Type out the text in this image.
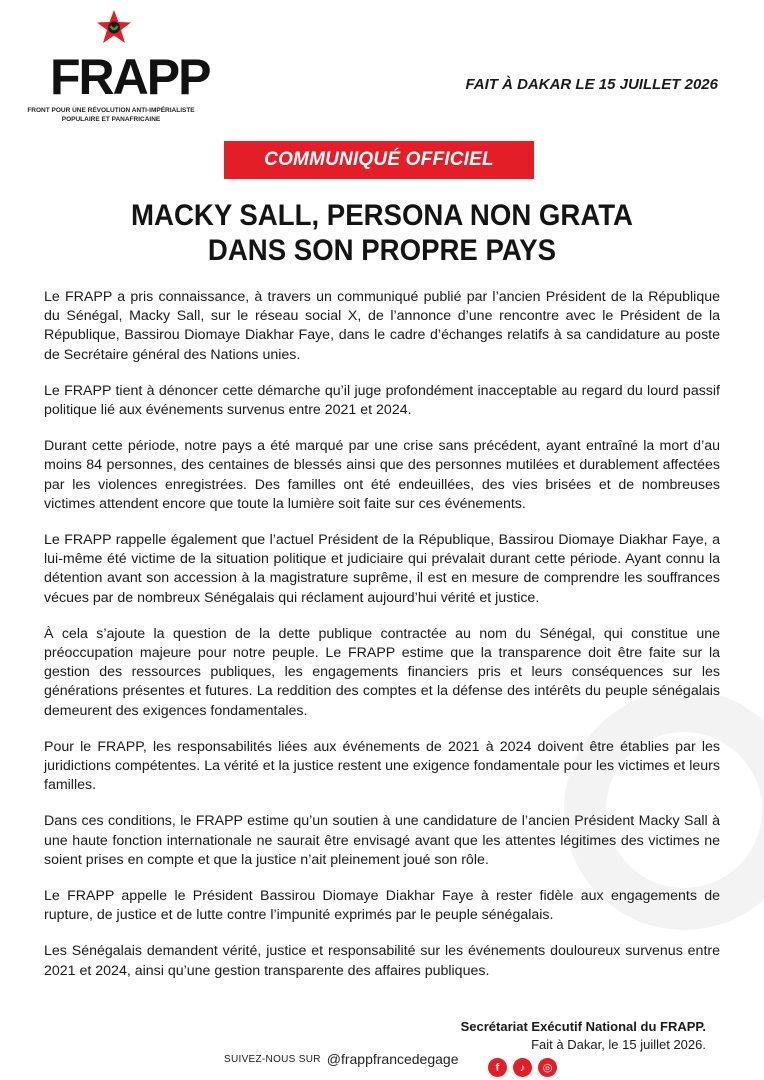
FRAPP
FRONT POUR UNE RÉVOLUTION ANTI-IMPÉRIALISTE POPULAIRE ET PANAFRICAINE
FAIT À DAKAR LE 15 JUILLET 2026
COMMUNIQUÉ OFFICIEL
MACKY SALL, PERSONA NON GRATA
DANS SON PROPRE PAYS

Le FRAPP a pris connaissance, à travers un communiqué publié par l’ancien Président de la République du Sénégal, Macky Sall, sur le réseau social X, de l’annonce d’une rencontre avec le Président de la République, Bassirou Diomaye Diakhar Faye, dans le cadre d’échanges relatifs à sa candidature au poste de Secrétaire général des Nations unies.

Le FRAPP tient à dénoncer cette démarche qu’il juge profondément inacceptable au regard du lourd passif politique lié aux événements survenus entre 2021 et 2024.

Durant cette période, notre pays a été marqué par une crise sans précédent, ayant entraîné la mort d’au moins 84 personnes, des centaines de blessés ainsi que des personnes mutilées et durablement affectées par les violences enregistrées. Des familles ont été endeuillées, des vies brisées et de nombreuses victimes attendent encore que toute la lumière soit faite sur ces événements.

Le FRAPP rappelle également que l’actuel Président de la République, Bassirou Diomaye Diakhar Faye, a lui-même été victime de la situation politique et judiciaire qui prévalait durant cette période. Ayant connu la détention avant son accession à la magistrature suprême, il est en mesure de comprendre les souffrances vécues par de nombreux Sénégalais qui réclament aujourd’hui vérité et justice.

À cela s’ajoute la question de la dette publique contractée au nom du Sénégal, qui constitue une préoccupation majeure pour notre peuple. Le FRAPP estime que la transparence doit être faite sur la gestion des ressources publiques, les engagements financiers pris et leurs conséquences sur les générations présentes et futures. La reddition des comptes et la défense des intérêts du peuple sénégalais demeurent des exigences fondamentales.

Pour le FRAPP, les responsabilités liées aux événements de 2021 à 2024 doivent être établies par les juridictions compétentes. La vérité et la justice restent une exigence fondamentale pour les victimes et leurs familles.

Dans ces conditions, le FRAPP estime qu’un soutien à une candidature de l’ancien Président Macky Sall à une haute fonction internationale ne saurait être envisagé avant que les attentes légitimes des victimes ne soient prises en compte et que la justice n’ait pleinement joué son rôle.

Le FRAPP appelle le Président Bassirou Diomaye Diakhar Faye à rester fidèle aux engagements de rupture, de justice et de lutte contre l’impunité exprimés par le peuple sénégalais.

Les Sénégalais demandent vérité, justice et responsabilité sur les événements douloureux survenus entre 2021 et 2024, ainsi qu’une gestion transparente des affaires publiques.

Secrétariat Exécutif National du FRAPP.
Fait à Dakar, le 15 juillet 2026.
SUIVEZ-NOUS SUR @frappfrancedegage
f	♪	◎
